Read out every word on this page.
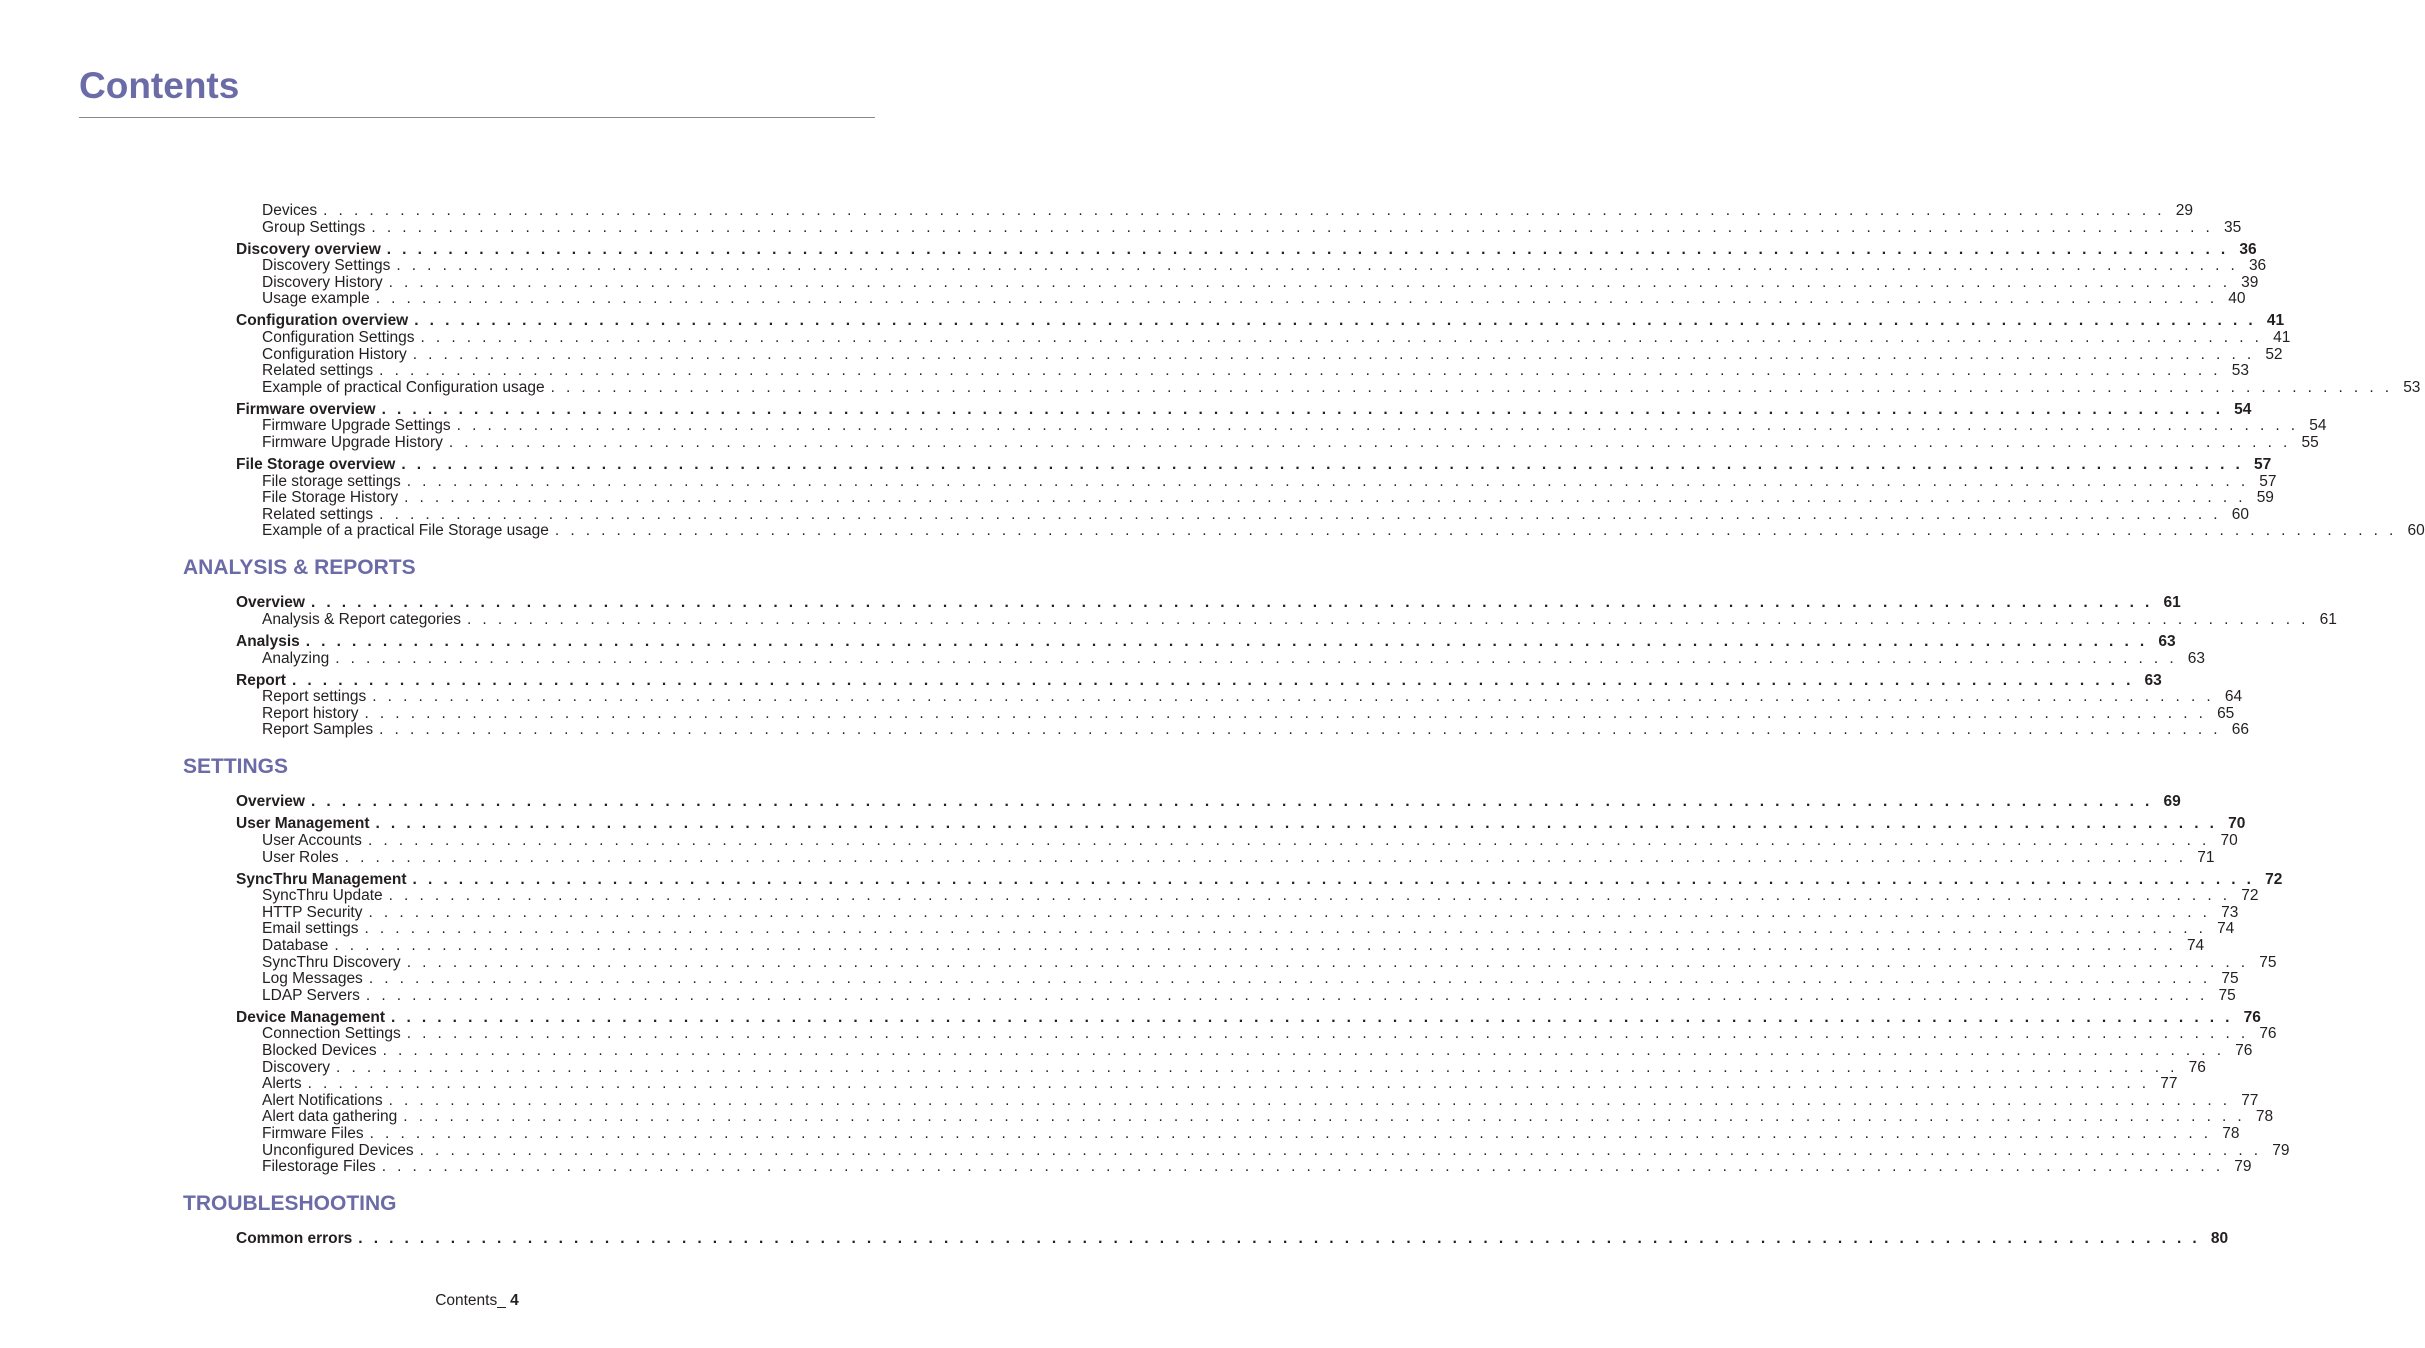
Contents
Devices . . . . . . . . . . . . . . . . . . . . . . . . . . . . . . . . . . . . . . . . . . . . . . . . . . . . . . . . . . . . . . . . . . . . . . . . . . . . . . . . . . . . . . . . . . . . . . . . . . . . . . . . . . . . . . . . . . . . . . . . 29
Group Settings . . . . . . . . . . . . . . . . . . . . . . . . . . . . . . . . . . . . . . . . . . . . . . . . . . . . . . . . . . . . . . . . . . . . . . . . . . . . . . . . . . . . . . . . . . . . . . . . . . . . . . . . . . . . . . . . . . . . . . . . 35
Discovery overview . . . . . . . . . . . . . . . . . . . . . . . . . . . . . . . . . . . . . . . . . . . . . . . . . . . . . . . . . . . . . . . . . . . . . . . . . . . . . . . . . . . . . . . . . . . . . . . . . . . . . . . . . . . . . . . . . . . . . . . . 36
Discovery Settings . . . . . . . . . . . . . . . . . . . . . . . . . . . . . . . . . . . . . . . . . . . . . . . . . . . . . . . . . . . . . . . . . . . . . . . . . . . . . . . . . . . . . . . . . . . . . . . . . . . . . . . . . . . . . . . . . . . . . . . . 36
Discovery History . . . . . . . . . . . . . . . . . . . . . . . . . . . . . . . . . . . . . . . . . . . . . . . . . . . . . . . . . . . . . . . . . . . . . . . . . . . . . . . . . . . . . . . . . . . . . . . . . . . . . . . . . . . . . . . . . . . . . . . . 39
Usage example . . . . . . . . . . . . . . . . . . . . . . . . . . . . . . . . . . . . . . . . . . . . . . . . . . . . . . . . . . . . . . . . . . . . . . . . . . . . . . . . . . . . . . . . . . . . . . . . . . . . . . . . . . . . . . . . . . . . . . . . 40
Configuration overview . . . . . . . . . . . . . . . . . . . . . . . . . . . . . . . . . . . . . . . . . . . . . . . . . . . . . . . . . . . . . . . . . . . . . . . . . . . . . . . . . . . . . . . . . . . . . . . . . . . . . . . . . . . . . . . . . . . . . . . . 41
Configuration Settings . . . . . . . . . . . . . . . . . . . . . . . . . . . . . . . . . . . . . . . . . . . . . . . . . . . . . . . . . . . . . . . . . . . . . . . . . . . . . . . . . . . . . . . . . . . . . . . . . . . . . . . . . . . . . . . . . . . . . . . . 41
Configuration History . . . . . . . . . . . . . . . . . . . . . . . . . . . . . . . . . . . . . . . . . . . . . . . . . . . . . . . . . . . . . . . . . . . . . . . . . . . . . . . . . . . . . . . . . . . . . . . . . . . . . . . . . . . . . . . . . . . . . . . . 52
Related settings . . . . . . . . . . . . . . . . . . . . . . . . . . . . . . . . . . . . . . . . . . . . . . . . . . . . . . . . . . . . . . . . . . . . . . . . . . . . . . . . . . . . . . . . . . . . . . . . . . . . . . . . . . . . . . . . . . . . . . . . 53
Example of practical Configuration usage . . . . . . . . . . . . . . . . . . . . . . . . . . . . . . . . . . . . . . . . . . . . . . . . . . . . . . . . . . . . . . . . . . . . . . . . . . . . . . . . . . . . . . . . . . . . . . . . . . . . . . . . . . . . . . . . . . . . . . . . 53
Firmware overview . . . . . . . . . . . . . . . . . . . . . . . . . . . . . . . . . . . . . . . . . . . . . . . . . . . . . . . . . . . . . . . . . . . . . . . . . . . . . . . . . . . . . . . . . . . . . . . . . . . . . . . . . . . . . . . . . . . . . . . . 54
Firmware Upgrade Settings . . . . . . . . . . . . . . . . . . . . . . . . . . . . . . . . . . . . . . . . . . . . . . . . . . . . . . . . . . . . . . . . . . . . . . . . . . . . . . . . . . . . . . . . . . . . . . . . . . . . . . . . . . . . . . . . . . . . . . . . 54
Firmware Upgrade History . . . . . . . . . . . . . . . . . . . . . . . . . . . . . . . . . . . . . . . . . . . . . . . . . . . . . . . . . . . . . . . . . . . . . . . . . . . . . . . . . . . . . . . . . . . . . . . . . . . . . . . . . . . . . . . . . . . . . . . . 55
File Storage overview . . . . . . . . . . . . . . . . . . . . . . . . . . . . . . . . . . . . . . . . . . . . . . . . . . . . . . . . . . . . . . . . . . . . . . . . . . . . . . . . . . . . . . . . . . . . . . . . . . . . . . . . . . . . . . . . . . . . . . . . 57
File storage settings . . . . . . . . . . . . . . . . . . . . . . . . . . . . . . . . . . . . . . . . . . . . . . . . . . . . . . . . . . . . . . . . . . . . . . . . . . . . . . . . . . . . . . . . . . . . . . . . . . . . . . . . . . . . . . . . . . . . . . . . 57
File Storage History . . . . . . . . . . . . . . . . . . . . . . . . . . . . . . . . . . . . . . . . . . . . . . . . . . . . . . . . . . . . . . . . . . . . . . . . . . . . . . . . . . . . . . . . . . . . . . . . . . . . . . . . . . . . . . . . . . . . . . . . 59
Related settings . . . . . . . . . . . . . . . . . . . . . . . . . . . . . . . . . . . . . . . . . . . . . . . . . . . . . . . . . . . . . . . . . . . . . . . . . . . . . . . . . . . . . . . . . . . . . . . . . . . . . . . . . . . . . . . . . . . . . . . . 60
Example of a practical File Storage usage . . . . . . . . . . . . . . . . . . . . . . . . . . . . . . . . . . . . . . . . . . . . . . . . . . . . . . . . . . . . . . . . . . . . . . . . . . . . . . . . . . . . . . . . . . . . . . . . . . . . . . . . . . . . . . . . . . . . . . . . 60
ANALYSIS & REPORTS
Overview . . . . . . . . . . . . . . . . . . . . . . . . . . . . . . . . . . . . . . . . . . . . . . . . . . . . . . . . . . . . . . . . . . . . . . . . . . . . . . . . . . . . . . . . . . . . . . . . . . . . . . . . . . . . . . . . . . . . . . . . 61
Analysis & Report categories . . . . . . . . . . . . . . . . . . . . . . . . . . . . . . . . . . . . . . . . . . . . . . . . . . . . . . . . . . . . . . . . . . . . . . . . . . . . . . . . . . . . . . . . . . . . . . . . . . . . . . . . . . . . . . . . . . . . . . . . 61
Analysis . . . . . . . . . . . . . . . . . . . . . . . . . . . . . . . . . . . . . . . . . . . . . . . . . . . . . . . . . . . . . . . . . . . . . . . . . . . . . . . . . . . . . . . . . . . . . . . . . . . . . . . . . . . . . . . . . . . . . . . . 63
Analyzing . . . . . . . . . . . . . . . . . . . . . . . . . . . . . . . . . . . . . . . . . . . . . . . . . . . . . . . . . . . . . . . . . . . . . . . . . . . . . . . . . . . . . . . . . . . . . . . . . . . . . . . . . . . . . . . . . . . . . . . . 63
Report . . . . . . . . . . . . . . . . . . . . . . . . . . . . . . . . . . . . . . . . . . . . . . . . . . . . . . . . . . . . . . . . . . . . . . . . . . . . . . . . . . . . . . . . . . . . . . . . . . . . . . . . . . . . . . . . . . . . . . . . 63
Report settings . . . . . . . . . . . . . . . . . . . . . . . . . . . . . . . . . . . . . . . . . . . . . . . . . . . . . . . . . . . . . . . . . . . . . . . . . . . . . . . . . . . . . . . . . . . . . . . . . . . . . . . . . . . . . . . . . . . . . . . . 64
Report history . . . . . . . . . . . . . . . . . . . . . . . . . . . . . . . . . . . . . . . . . . . . . . . . . . . . . . . . . . . . . . . . . . . . . . . . . . . . . . . . . . . . . . . . . . . . . . . . . . . . . . . . . . . . . . . . . . . . . . . . 65
Report Samples . . . . . . . . . . . . . . . . . . . . . . . . . . . . . . . . . . . . . . . . . . . . . . . . . . . . . . . . . . . . . . . . . . . . . . . . . . . . . . . . . . . . . . . . . . . . . . . . . . . . . . . . . . . . . . . . . . . . . . . . 66
SETTINGS
Overview . . . . . . . . . . . . . . . . . . . . . . . . . . . . . . . . . . . . . . . . . . . . . . . . . . . . . . . . . . . . . . . . . . . . . . . . . . . . . . . . . . . . . . . . . . . . . . . . . . . . . . . . . . . . . . . . . . . . . . . . 69
User Management . . . . . . . . . . . . . . . . . . . . . . . . . . . . . . . . . . . . . . . . . . . . . . . . . . . . . . . . . . . . . . . . . . . . . . . . . . . . . . . . . . . . . . . . . . . . . . . . . . . . . . . . . . . . . . . . . . . . . . . . 70
User Accounts . . . . . . . . . . . . . . . . . . . . . . . . . . . . . . . . . . . . . . . . . . . . . . . . . . . . . . . . . . . . . . . . . . . . . . . . . . . . . . . . . . . . . . . . . . . . . . . . . . . . . . . . . . . . . . . . . . . . . . . . 70
User Roles . . . . . . . . . . . . . . . . . . . . . . . . . . . . . . . . . . . . . . . . . . . . . . . . . . . . . . . . . . . . . . . . . . . . . . . . . . . . . . . . . . . . . . . . . . . . . . . . . . . . . . . . . . . . . . . . . . . . . . . . 71
SyncThru Management . . . . . . . . . . . . . . . . . . . . . . . . . . . . . . . . . . . . . . . . . . . . . . . . . . . . . . . . . . . . . . . . . . . . . . . . . . . . . . . . . . . . . . . . . . . . . . . . . . . . . . . . . . . . . . . . . . . . . . . . 72
SyncThru Update . . . . . . . . . . . . . . . . . . . . . . . . . . . . . . . . . . . . . . . . . . . . . . . . . . . . . . . . . . . . . . . . . . . . . . . . . . . . . . . . . . . . . . . . . . . . . . . . . . . . . . . . . . . . . . . . . . . . . . . . 72
HTTP Security . . . . . . . . . . . . . . . . . . . . . . . . . . . . . . . . . . . . . . . . . . . . . . . . . . . . . . . . . . . . . . . . . . . . . . . . . . . . . . . . . . . . . . . . . . . . . . . . . . . . . . . . . . . . . . . . . . . . . . . . 73
Email settings . . . . . . . . . . . . . . . . . . . . . . . . . . . . . . . . . . . . . . . . . . . . . . . . . . . . . . . . . . . . . . . . . . . . . . . . . . . . . . . . . . . . . . . . . . . . . . . . . . . . . . . . . . . . . . . . . . . . . . . . 74
Database . . . . . . . . . . . . . . . . . . . . . . . . . . . . . . . . . . . . . . . . . . . . . . . . . . . . . . . . . . . . . . . . . . . . . . . . . . . . . . . . . . . . . . . . . . . . . . . . . . . . . . . . . . . . . . . . . . . . . . . . 74
SyncThru Discovery . . . . . . . . . . . . . . . . . . . . . . . . . . . . . . . . . . . . . . . . . . . . . . . . . . . . . . . . . . . . . . . . . . . . . . . . . . . . . . . . . . . . . . . . . . . . . . . . . . . . . . . . . . . . . . . . . . . . . . . . 75
Log Messages . . . . . . . . . . . . . . . . . . . . . . . . . . . . . . . . . . . . . . . . . . . . . . . . . . . . . . . . . . . . . . . . . . . . . . . . . . . . . . . . . . . . . . . . . . . . . . . . . . . . . . . . . . . . . . . . . . . . . . . . 75
LDAP Servers . . . . . . . . . . . . . . . . . . . . . . . . . . . . . . . . . . . . . . . . . . . . . . . . . . . . . . . . . . . . . . . . . . . . . . . . . . . . . . . . . . . . . . . . . . . . . . . . . . . . . . . . . . . . . . . . . . . . . . . . 75
Device Management . . . . . . . . . . . . . . . . . . . . . . . . . . . . . . . . . . . . . . . . . . . . . . . . . . . . . . . . . . . . . . . . . . . . . . . . . . . . . . . . . . . . . . . . . . . . . . . . . . . . . . . . . . . . . . . . . . . . . . . . 76
Connection Settings . . . . . . . . . . . . . . . . . . . . . . . . . . . . . . . . . . . . . . . . . . . . . . . . . . . . . . . . . . . . . . . . . . . . . . . . . . . . . . . . . . . . . . . . . . . . . . . . . . . . . . . . . . . . . . . . . . . . . . . . 76
Blocked Devices . . . . . . . . . . . . . . . . . . . . . . . . . . . . . . . . . . . . . . . . . . . . . . . . . . . . . . . . . . . . . . . . . . . . . . . . . . . . . . . . . . . . . . . . . . . . . . . . . . . . . . . . . . . . . . . . . . . . . . . . 76
Discovery . . . . . . . . . . . . . . . . . . . . . . . . . . . . . . . . . . . . . . . . . . . . . . . . . . . . . . . . . . . . . . . . . . . . . . . . . . . . . . . . . . . . . . . . . . . . . . . . . . . . . . . . . . . . . . . . . . . . . . . . 76
Alerts . . . . . . . . . . . . . . . . . . . . . . . . . . . . . . . . . . . . . . . . . . . . . . . . . . . . . . . . . . . . . . . . . . . . . . . . . . . . . . . . . . . . . . . . . . . . . . . . . . . . . . . . . . . . . . . . . . . . . . . . 77
Alert Notifications . . . . . . . . . . . . . . . . . . . . . . . . . . . . . . . . . . . . . . . . . . . . . . . . . . . . . . . . . . . . . . . . . . . . . . . . . . . . . . . . . . . . . . . . . . . . . . . . . . . . . . . . . . . . . . . . . . . . . . . . 77
Alert data gathering . . . . . . . . . . . . . . . . . . . . . . . . . . . . . . . . . . . . . . . . . . . . . . . . . . . . . . . . . . . . . . . . . . . . . . . . . . . . . . . . . . . . . . . . . . . . . . . . . . . . . . . . . . . . . . . . . . . . . . . . 78
Firmware Files . . . . . . . . . . . . . . . . . . . . . . . . . . . . . . . . . . . . . . . . . . . . . . . . . . . . . . . . . . . . . . . . . . . . . . . . . . . . . . . . . . . . . . . . . . . . . . . . . . . . . . . . . . . . . . . . . . . . . . . . 78
Unconfigured Devices . . . . . . . . . . . . . . . . . . . . . . . . . . . . . . . . . . . . . . . . . . . . . . . . . . . . . . . . . . . . . . . . . . . . . . . . . . . . . . . . . . . . . . . . . . . . . . . . . . . . . . . . . . . . . . . . . . . . . . . . 79
Filestorage Files . . . . . . . . . . . . . . . . . . . . . . . . . . . . . . . . . . . . . . . . . . . . . . . . . . . . . . . . . . . . . . . . . . . . . . . . . . . . . . . . . . . . . . . . . . . . . . . . . . . . . . . . . . . . . . . . . . . . . . . . 79
TROUBLESHOOTING
Common errors . . . . . . . . . . . . . . . . . . . . . . . . . . . . . . . . . . . . . . . . . . . . . . . . . . . . . . . . . . . . . . . . . . . . . . . . . . . . . . . . . . . . . . . . . . . . . . . . . . . . . . . . . . . . . . . . . . . . . . . . 80
Contents_ 4
